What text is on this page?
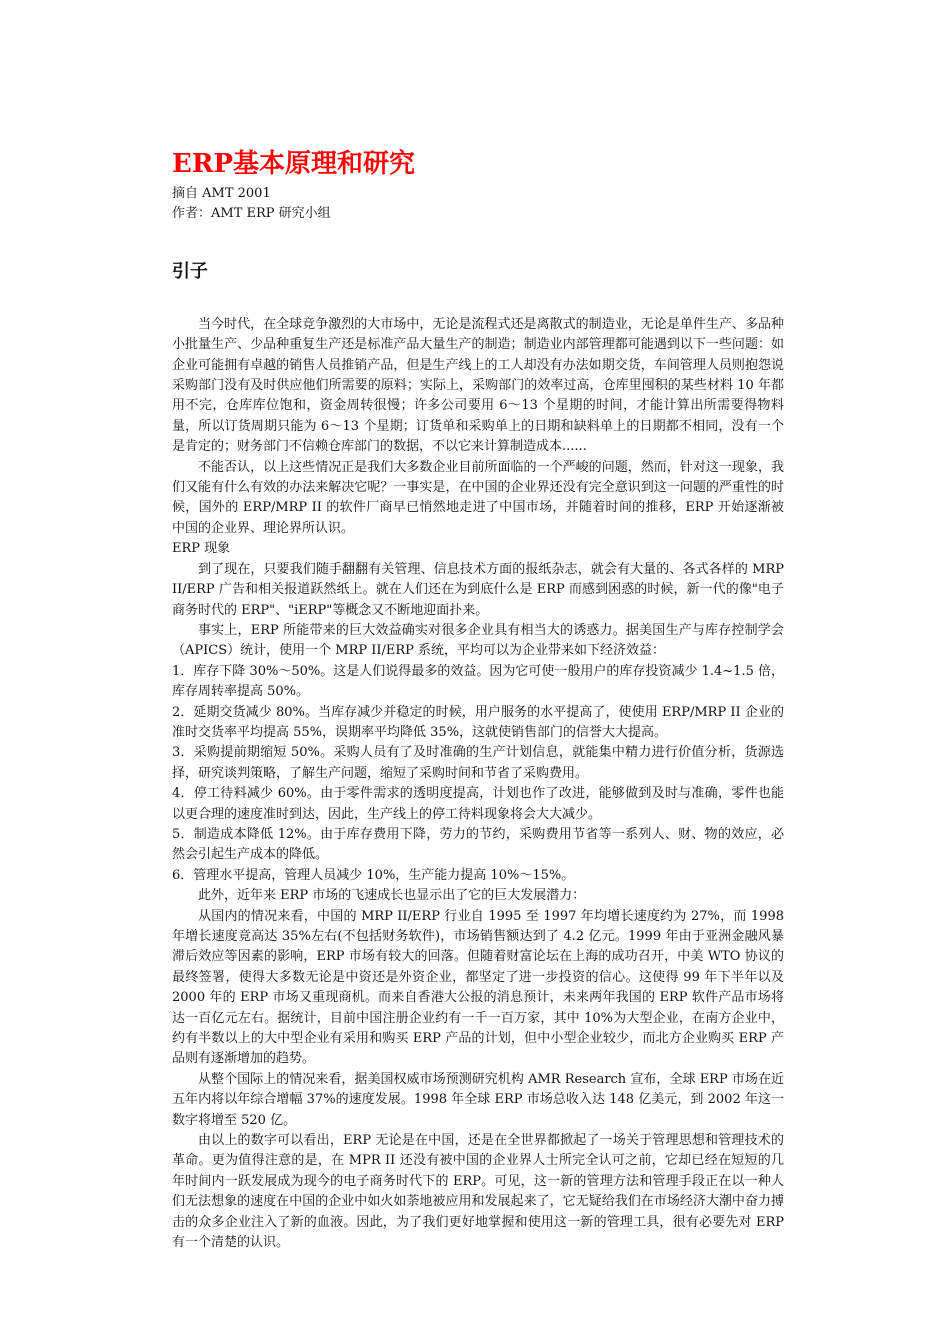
ERP基本原理和研究

摘自 AMT 2001

作者：AMT ERP 研究小组

引子

当今时代，在全球竞争激烈的大市场中，无论是流程式还是离散式的制造业，无论是单件生产、多品种小批量生产、少品种重复生产还是标准产品大量生产的制造；制造业内部管理都可能遇到以下一些问题：如企业可能拥有卓越的销售人员推销产品，但是生产线上的工人却没有办法如期交货，车间管理人员则抱怨说采购部门没有及时供应他们所需要的原料；实际上，采购部门的效率过高，仓库里囤积的某些材料 10 年都用不完，仓库库位饱和，资金周转很慢；许多公司要用 6～13 个星期的时间，才能计算出所需要得物料量，所以订货周期只能为 6～13 个星期；订货单和采购单上的日期和缺料单上的日期都不相同，没有一个是肯定的；财务部门不信赖仓库部门的数据，不以它来计算制造成本......

不能否认，以上这些情况正是我们大多数企业目前所面临的一个严峻的问题，然而，针对这一现象，我们又能有什么有效的办法来解决它呢？一事实是，在中国的企业界还没有完全意识到这一问题的严重性的时候，国外的 ERP/MRP II 的软件厂商早已悄然地走进了中国市场，并随着时间的推移，ERP 开始逐渐被中国的企业界、理论界所认识。

ERP 现象

到了现在，只要我们随手翻翻有关管理、信息技术方面的报纸杂志，就会有大量的、各式各样的 MRP II/ERP 广告和相关报道跃然纸上。就在人们还在为到底什么是 ERP 而感到困惑的时候，新一代的像"电子商务时代的 ERP"、"iERP"等概念又不断地迎面扑来。

事实上，ERP 所能带来的巨大效益确实对很多企业具有相当大的诱惑力。据美国生产与库存控制学会（APICS）统计，使用一个 MRP II/ERP 系统，平均可以为企业带来如下经济效益：

1．库存下降 30%～50%。这是人们说得最多的效益。因为它可使一般用户的库存投资减少 1.4~1.5 倍，库存周转率提高 50%。

2．延期交货减少 80%。当库存减少并稳定的时候，用户服务的水平提高了，使使用 ERP/MRP II 企业的准时交货率平均提高 55%，误期率平均降低 35%，这就使销售部门的信誉大大提高。

3．采购提前期缩短 50%。采购人员有了及时准确的生产计划信息，就能集中精力进行价值分析，货源选择，研究谈判策略，了解生产问题，缩短了采购时间和节省了采购费用。

4．停工待料减少 60%。由于零件需求的透明度提高，计划也作了改进，能够做到及时与准确，零件也能以更合理的速度准时到达，因此，生产线上的停工待料现象将会大大减少。

5．制造成本降低 12%。由于库存费用下降，劳力的节约，采购费用节省等一系列人、财、物的效应，必然会引起生产成本的降低。

6．管理水平提高，管理人员减少 10%，生产能力提高 10%～15%。

此外，近年来 ERP 市场的飞速成长也显示出了它的巨大发展潜力：

从国内的情况来看，中国的 MRP II/ERP 行业自 1995 至 1997 年均增长速度约为 27%，而 1998 年增长速度竟高达 35%左右(不包括财务软件)，市场销售额达到了 4.2 亿元。1999 年由于亚洲金融风暴滞后效应等因素的影响，ERP 市场有较大的回落。但随着财富论坛在上海的成功召开，中美 WTO 协议的最终签署，使得大多数无论是中资还是外资企业，都坚定了进一步投资的信心。这使得 99 年下半年以及 2000 年的 ERP 市场又重现商机。而来自香港大公报的消息预计，未来两年我国的 ERP 软件产品市场将达一百亿元左右。据统计，目前中国注册企业约有一千一百万家，其中 10%为大型企业，在南方企业中，约有半数以上的大中型企业有采用和购买 ERP 产品的计划，但中小型企业较少，而北方企业购买 ERP 产品则有逐渐增加的趋势。

从整个国际上的情况来看，据美国权威市场预测研究机构 AMR Research 宣布，全球 ERP 市场在近五年内将以年综合增幅 37%的速度发展。1998 年全球 ERP 市场总收入达 148 亿美元，到 2002 年这一数字将增至 520 亿。

由以上的数字可以看出，ERP 无论是在中国，还是在全世界都掀起了一场关于管理思想和管理技术的革命。更为值得注意的是，在 MPR II 还没有被中国的企业界人士所完全认可之前，它却已经在短短的几年时间内一跃发展成为现今的电子商务时代下的 ERP。可见，这一新的管理方法和管理手段正在以一种人们无法想象的速度在中国的企业中如火如荼地被应用和发展起来了，它无疑给我们在市场经济大潮中奋力搏击的众多企业注入了新的血液。因此，为了我们更好地掌握和使用这一新的管理工具，很有必要先对 ERP 有一个清楚的认识。
